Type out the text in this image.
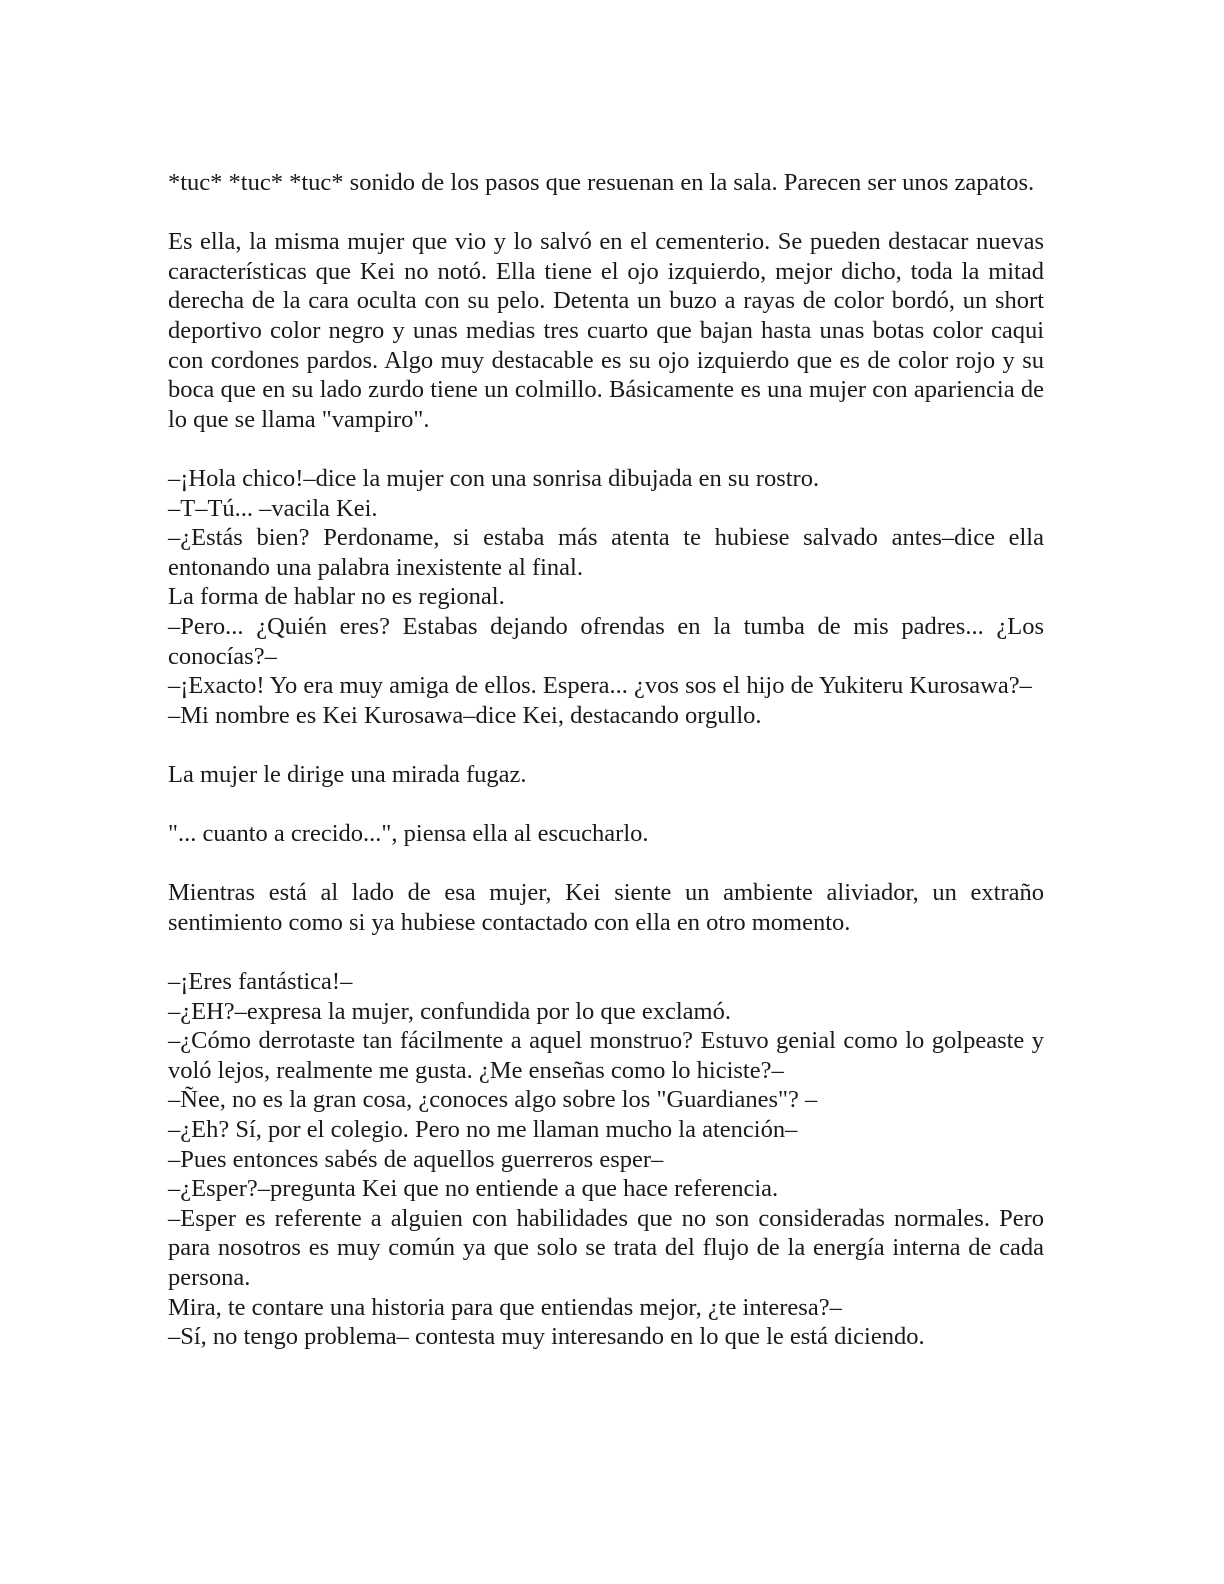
*tuc* *tuc* *tuc* sonido de los pasos que resuenan en la sala. Parecen ser unos zapatos.

Es ella, la misma mujer que vio y lo salvó en el cementerio. Se pueden destacar nuevas características que Kei no notó. Ella tiene el ojo izquierdo, mejor dicho, toda la mitad derecha de la cara oculta con su pelo. Detenta un buzo a rayas de color bordó, un short deportivo color negro y unas medias tres cuarto que bajan hasta unas botas color caqui con cordones pardos. Algo muy destacable es su ojo izquierdo que es de color rojo y su boca que en su lado zurdo tiene un colmillo. Básicamente es una mujer con apariencia de lo que se llama "vampiro".

–¡Hola chico!–dice la mujer con una sonrisa dibujada en su rostro.
–T–Tú... –vacila Kei.
–¿Estás bien? Perdoname, si estaba más atenta te hubiese salvado antes–dice ella entonando una palabra inexistente al final.
La forma de hablar no es regional.
–Pero... ¿Quién eres? Estabas dejando ofrendas en la tumba de mis padres... ¿Los conocías?–
–¡Exacto! Yo era muy amiga de ellos. Espera... ¿vos sos el hijo de Yukiteru Kurosawa?–
–Mi nombre es Kei Kurosawa–dice Kei, destacando orgullo.

La mujer le dirige una mirada fugaz.

"... cuanto a crecido...", piensa ella al escucharlo.

Mientras está al lado de esa mujer, Kei siente un ambiente aliviador, un extraño sentimiento como si ya hubiese contactado con ella en otro momento.

–¡Eres fantástica!–
–¿EH?–expresa la mujer, confundida por lo que exclamó.
–¿Cómo derrotaste tan fácilmente a aquel monstruo? Estuvo genial como lo golpeaste y voló lejos, realmente me gusta. ¿Me enseñas como lo hiciste?–
–Ñee, no es la gran cosa, ¿conoces algo sobre los "Guardianes"? –
–¿Eh? Sí, por el colegio. Pero no me llaman mucho la atención–
–Pues entonces sabés de aquellos guerreros esper–
–¿Esper?–pregunta Kei que no entiende a que hace referencia.
–Esper es referente a alguien con habilidades que no son consideradas normales. Pero para nosotros es muy común ya que solo se trata del flujo de la energía interna de cada persona.
Mira, te contare una historia para que entiendas mejor, ¿te interesa?–
–Sí, no tengo problema– contesta muy interesando en lo que le está diciendo.
